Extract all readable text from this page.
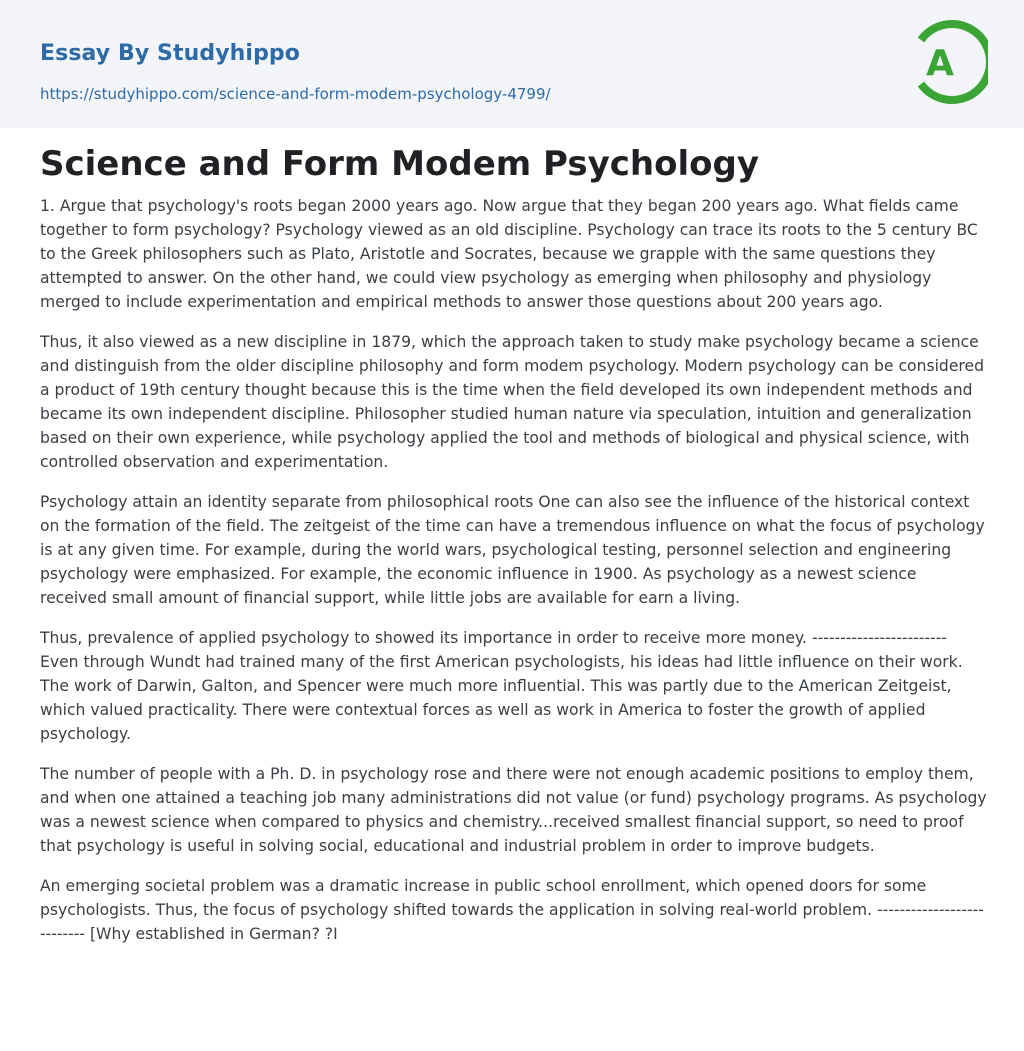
Essay By Studyhippo
https://studyhippo.com/science-and-form-modem-psychology-4799/
A
Science and Form Modem Psychology

1. Argue that psychology's roots began 2000 years ago. Now argue that they began 200 years ago. What fields came together to form psychology? Psychology viewed as an old discipline. Psychology can trace its roots to the 5 century BC to the Greek philosophers such as Plato, Aristotle and Socrates, because we grapple with the same questions they attempted to answer. On the other hand, we could view psychology as emerging when philosophy and physiology merged to include experimentation and empirical methods to answer those questions about 200 years ago.

Thus, it also viewed as a new discipline in 1879, which the approach taken to study make psychology became a science and distinguish from the older discipline philosophy and form modem psychology. Modern psychology can be considered a product of 19th century thought because this is the time when the field developed its own independent methods and became its own independent discipline. Philosopher studied human nature via speculation, intuition and generalization based on their own experience, while psychology applied the tool and methods of biological and physical science, with controlled observation and experimentation.

Psychology attain an identity separate from philosophical roots One can also see the influence of the historical context on the formation of the field. The zeitgeist of the time can have a tremendous influence on what the focus of psychology is at any given time. For example, during the world wars, psychological testing, personnel selection and engineering psychology were emphasized. For example, the economic influence in 1900. As psychology as a newest science received small amount of financial support, while little jobs are available for earn a living.

Thus, prevalence of applied psychology to showed its importance in order to receive more money. ------------------------ Even through Wundt had trained many of the first American psychologists, his ideas had little influence on their work. The work of Darwin, Galton, and Spencer were much more influential. This was partly due to the American Zeitgeist, which valued practicality. There were contextual forces as well as work in America to foster the growth of applied psychology.

The number of people with a Ph. D. in psychology rose and there were not enough academic positions to employ them, and when one attained a teaching job many administrations did not value (or fund) psychology programs. As psychology was a newest science when compared to physics and chemistry...received smallest financial support, so need to proof that psychology is useful in solving social, educational and industrial problem in order to improve budgets.

An emerging societal problem was a dramatic increase in public school enrollment, which opened doors for some psychologists. Thus, the focus of psychology shifted towards the application in solving real-world problem. --------------------------- [Why established in German? ?I
